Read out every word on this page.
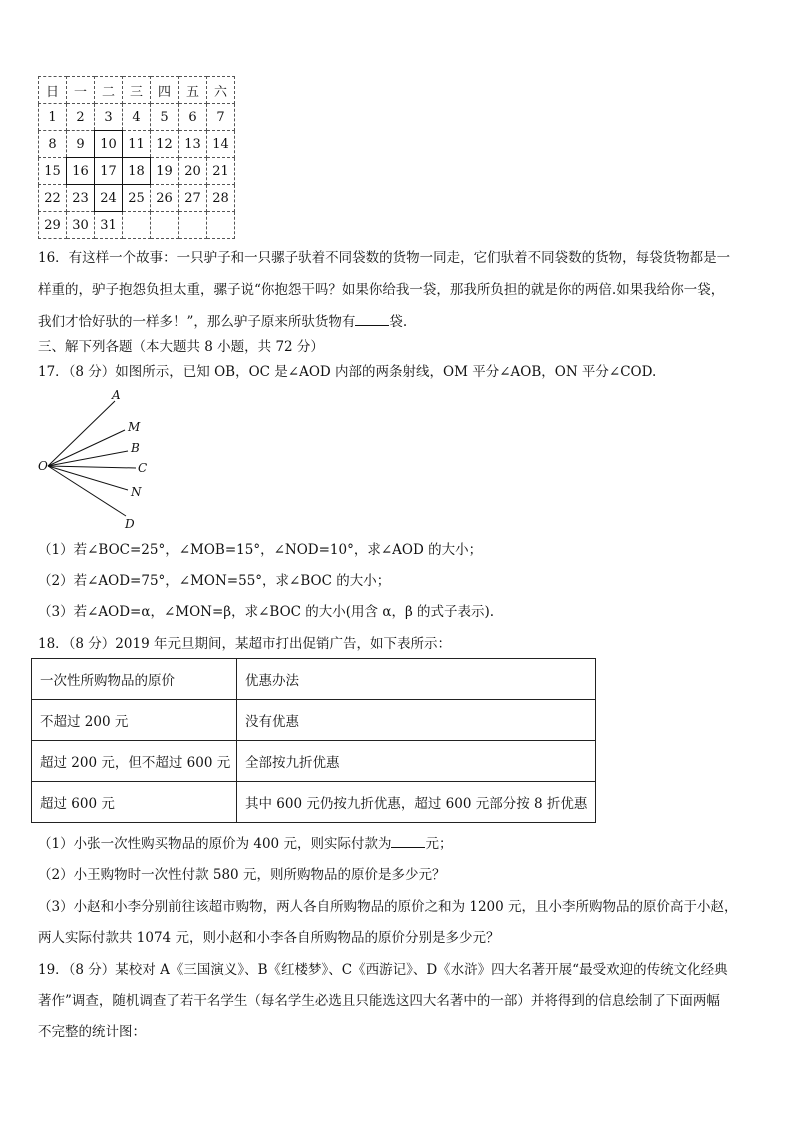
日	一	二	三	四	五	六
1	2	3	4	5	6	7
8	9	10	11	12	13	14
15	16	17	18	19	20	21
22	23	24	25	26	27	28
29	30	31				
16．有这样一个故事：一只驴子和一只骡子驮着不同袋数的货物一同走，它们驮着不同袋数的货物，每袋货物都是一
样重的，驴子抱怨负担太重，骡子说“你抱怨干吗？如果你给我一袋，那我所负担的就是你的两倍.如果我给你一袋，
我们才恰好驮的一样多！”，那么驴子原来所驮货物有	袋.
三、解下列各题（本大题共 8 小题，共 72 分）
17．（8 分）如图所示，已知 OB，OC 是∠AOD 内部的两条射线，OM 平分∠AOB，ON 平分∠COD.
O
A
M
B
C
N
D
（1）若∠BOC=25°，∠MOB=15°，∠NOD=10°，求∠AOD 的大小；
（2）若∠AOD=75°，∠MON=55°，求∠BOC 的大小；
（3）若∠AOD=α，∠MON=β，求∠BOC 的大小(用含 α，β 的式子表示).
18．（8 分）2019 年元旦期间，某超市打出促销广告，如下表所示：
一次性所购物品的原价	优惠办法
不超过 200 元	没有优惠
超过 200 元，但不超过 600 元	全部按九折优惠
超过 600 元	其中 600 元仍按九折优惠，超过 600 元部分按 8 折优惠
（1）小张一次性购买物品的原价为 400 元，则实际付款为	元；
（2）小王购物时一次性付款 580 元，则所购物品的原价是多少元？
（3）小赵和小李分别前往该超市购物，两人各自所购物品的原价之和为 1200 元，且小李所购物品的原价高于小赵，
两人实际付款共 1074 元，则小赵和小李各自所购物品的原价分别是多少元？
19．（8 分）某校对 A《三国演义》、B《红楼梦》、C《西游记》、D《水浒》四大名著开展“最受欢迎的传统文化经典
著作”调查，随机调查了若干名学生（每名学生必选且只能选这四大名著中的一部）并将得到的信息绘制了下面两幅
不完整的统计图：
